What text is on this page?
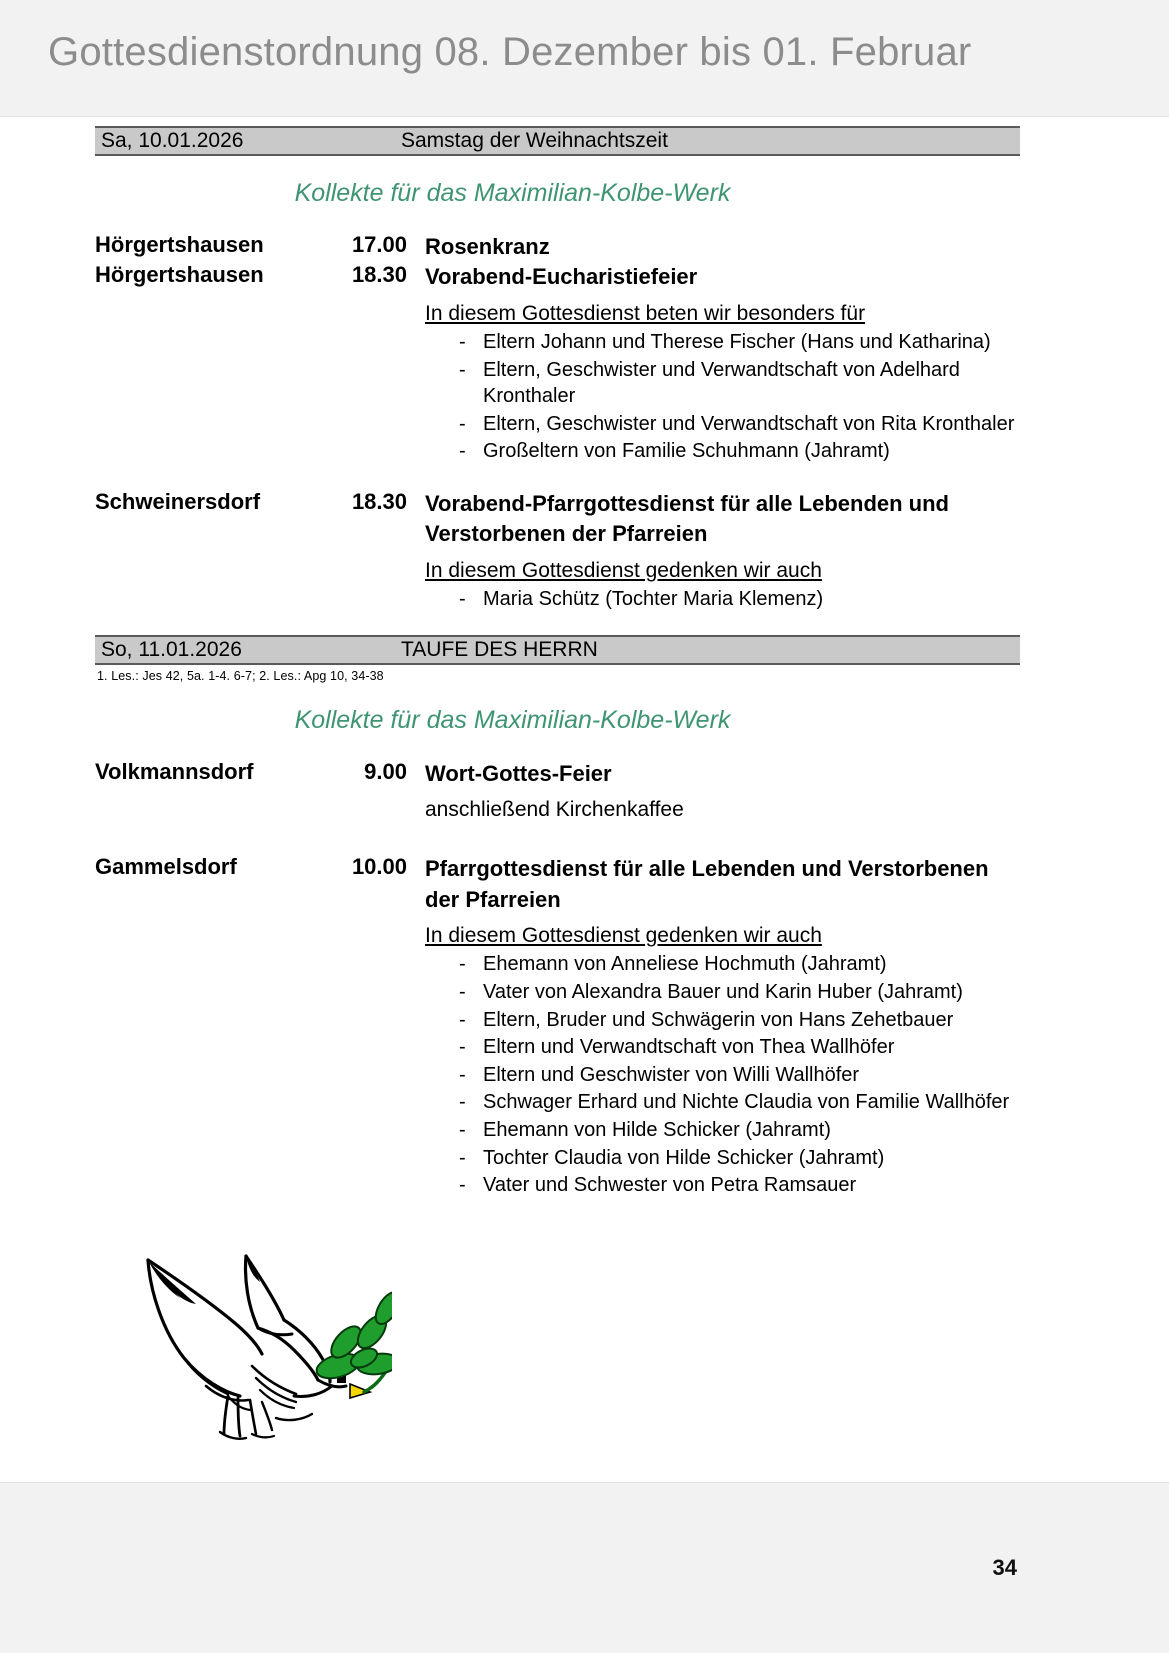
Gottesdienstordnung 08. Dezember bis 01. Februar
Sa, 10.01.2026	Samstag der Weihnachtszeit
Kollekte für das Maximilian-Kolbe-Werk
Hörgertshausen	17.00 Rosenkranz
Hörgertshausen	18.30 Vorabend-Eucharistiefeier
In diesem Gottesdienst beten wir besonders für
- Eltern Johann und Therese Fischer (Hans und Katharina)
- Eltern, Geschwister und Verwandtschaft von Adelhard Kronthaler
- Eltern, Geschwister und Verwandtschaft von Rita Kronthaler
- Großeltern von Familie Schuhmann (Jahramt)
Schweinersdorf	18.30 Vorabend-Pfarrgottesdienst für alle Lebenden und Verstorbenen der Pfarreien
In diesem Gottesdienst gedenken wir auch
- Maria Schütz (Tochter Maria Klemenz)
So, 11.01.2026	TAUFE DES HERRN
1. Les.: Jes 42, 5a. 1-4. 6-7; 2. Les.: Apg 10, 34-38
Kollekte für das Maximilian-Kolbe-Werk
Volkmannsdorf	9.00 Wort-Gottes-Feier
anschließend Kirchenkaffee
Gammelsdorf	10.00 Pfarrgottesdienst für alle Lebenden und Verstorbenen der Pfarreien
In diesem Gottesdienst gedenken wir auch
- Ehemann von Anneliese Hochmuth (Jahramt)
- Vater von Alexandra Bauer und Karin Huber (Jahramt)
- Eltern, Bruder und Schwägerin von Hans Zehetbauer
- Eltern und Verwandtschaft von Thea Wallhöfer
- Eltern und Geschwister von Willi Wallhöfer
- Schwager Erhard und Nichte Claudia von Familie Wallhöfer
- Ehemann von Hilde Schicker (Jahramt)
- Tochter Claudia von Hilde Schicker (Jahramt)
- Vater und Schwester von Petra Ramsauer
34
